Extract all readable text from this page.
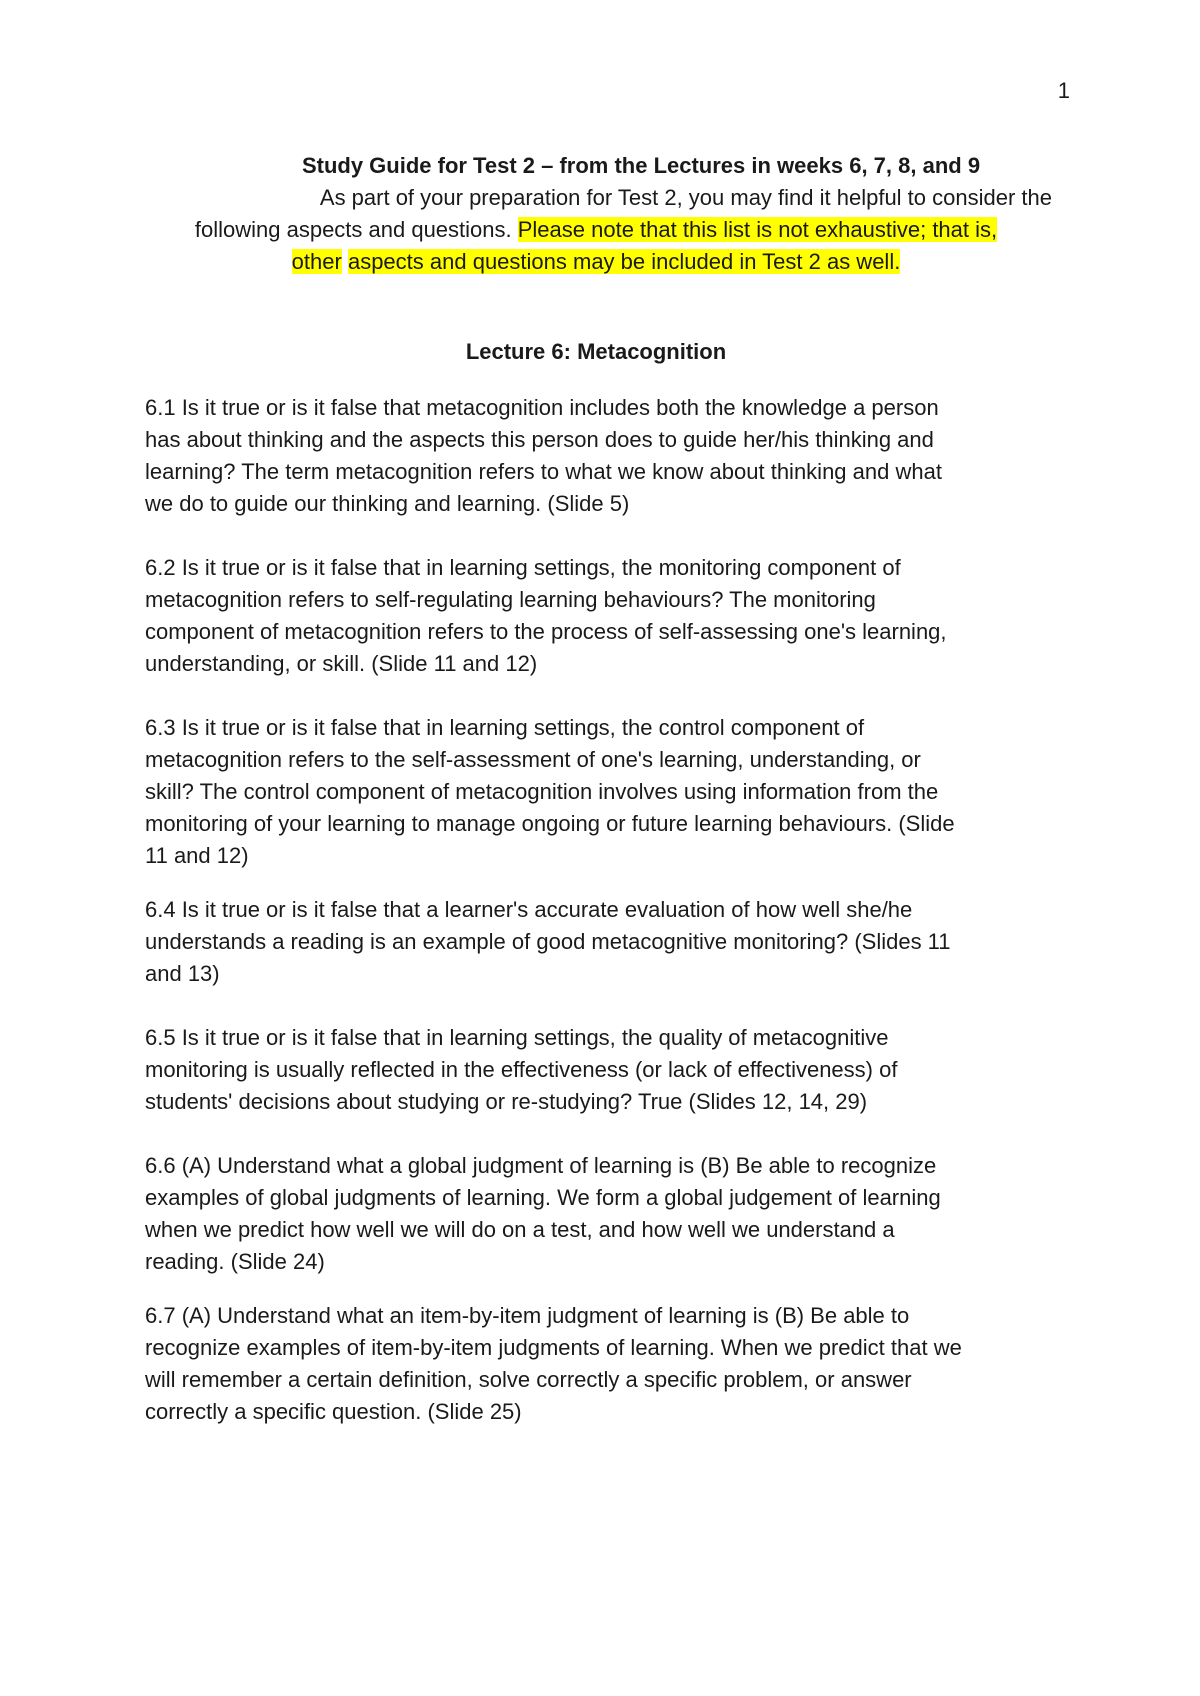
1

Study Guide for Test 2 – from the Lectures in weeks 6, 7, 8, and 9

As part of your preparation for Test 2, you may find it helpful to consider the

following aspects and questions. Please note that this list is not exhaustive; that is,

other aspects and questions may be included in Test 2 as well.

Lecture 6: Metacognition

6.1 Is it true or is it false that metacognition includes both the knowledge a person
has about thinking and the aspects this person does to guide her/his thinking and
learning? The term metacognition refers to what we know about thinking and what
we do to guide our thinking and learning. (Slide 5)
6.2 Is it true or is it false that in learning settings, the monitoring component of
metacognition refers to self-regulating learning behaviours? The monitoring
component of metacognition refers to the process of self-assessing one's learning,
understanding, or skill. (Slide 11 and 12)
6.3 Is it true or is it false that in learning settings, the control component of
metacognition refers to the self-assessment of one's learning, understanding, or
skill? The control component of metacognition involves using information from the
monitoring of your learning to manage ongoing or future learning behaviours. (Slide
11 and 12)
6.4 Is it true or is it false that a learner's accurate evaluation of how well she/he
understands a reading is an example of good metacognitive monitoring? (Slides 11
and 13)
6.5 Is it true or is it false that in learning settings, the quality of metacognitive
monitoring is usually reflected in the effectiveness (or lack of effectiveness) of
students' decisions about studying or re-studying? True (Slides 12, 14, 29)
6.6 (A) Understand what a global judgment of learning is (B) Be able to recognize
examples of global judgments of learning. We form a global judgement of learning
when we predict how well we will do on a test, and how well we understand a
reading. (Slide 24)
6.7 (A) Understand what an item-by-item judgment of learning is (B) Be able to
recognize examples of item-by-item judgments of learning. When we predict that we
will remember a certain definition, solve correctly a specific problem, or answer
correctly a specific question. (Slide 25)
